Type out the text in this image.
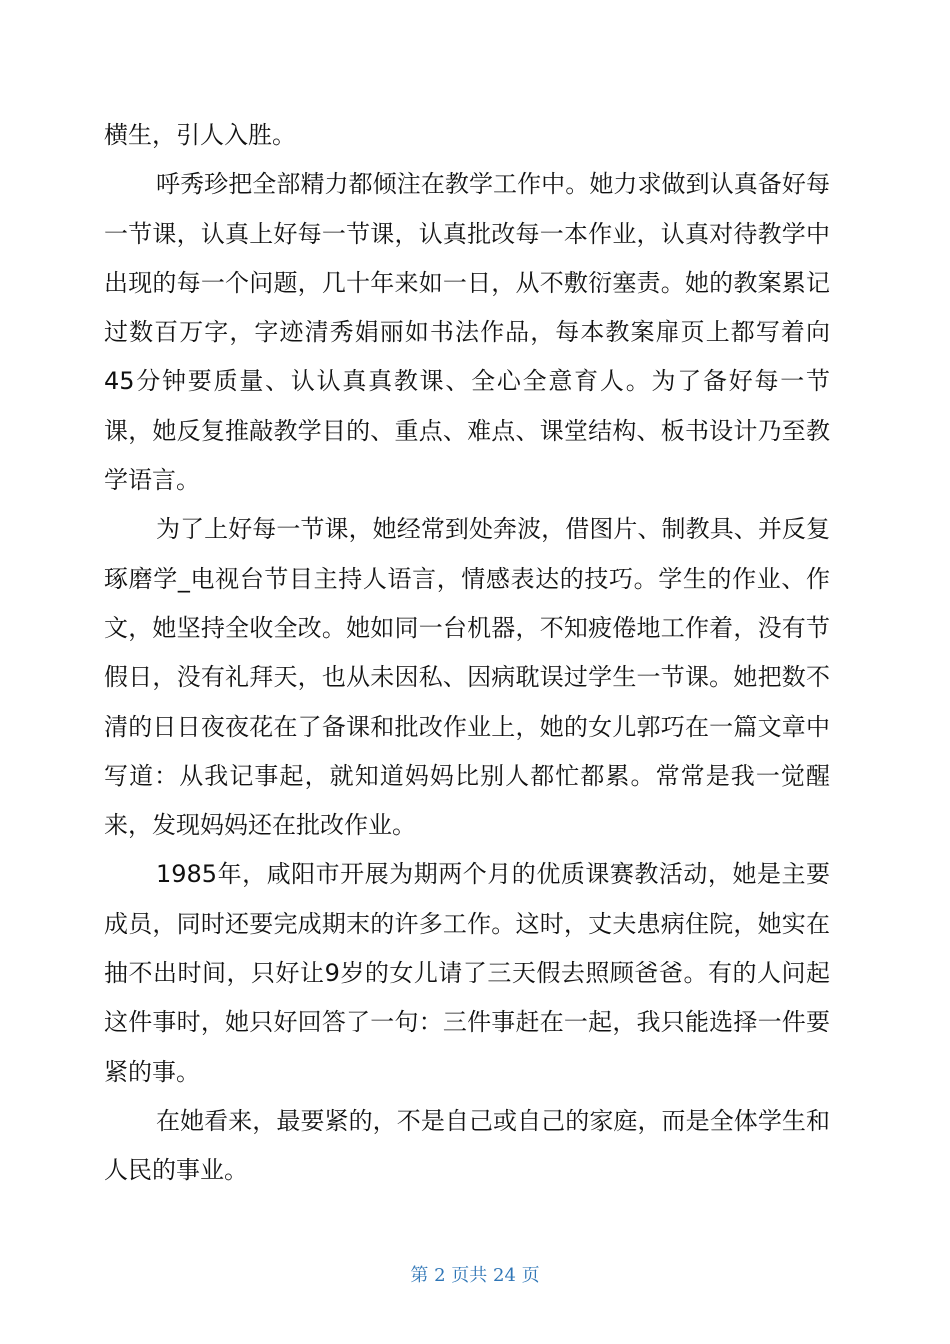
横生，引人入胜。

呼秀珍把全部精力都倾注在教学工作中。她力求做到认真备好每一节课，认真上好每一节课，认真批改每一本作业，认真对待教学中出现的每一个问题，几十年来如一日，从不敷衍塞责。她的教案累记过数百万字，字迹清秀娟丽如书法作品，每本教案扉页上都写着向45分钟要质量、认认真真教课、全心全意育人。为了备好每一节课，她反复推敲教学目的、重点、难点、课堂结构、板书设计乃至教学语言。

为了上好每一节课，她经常到处奔波，借图片、制教具、并反复琢磨学_电视台节目主持人语言，情感表达的技巧。学生的作业、作文，她坚持全收全改。她如同一台机器，不知疲倦地工作着，没有节假日，没有礼拜天，也从未因私、因病耽误过学生一节课。她把数不清的日日夜夜花在了备课和批改作业上，她的女儿郭巧在一篇文章中写道：从我记事起，就知道妈妈比别人都忙都累。常常是我一觉醒来，发现妈妈还在批改作业。

1985年，咸阳市开展为期两个月的优质课赛教活动，她是主要成员，同时还要完成期末的许多工作。这时，丈夫患病住院，她实在抽不出时间，只好让9岁的女儿请了三天假去照顾爸爸。有的人问起这件事时，她只好回答了一句：三件事赶在一起，我只能选择一件要紧的事。

在她看来，最要紧的，不是自己或自己的家庭，而是全体学生和人民的事业。

第 2 页共 24 页
